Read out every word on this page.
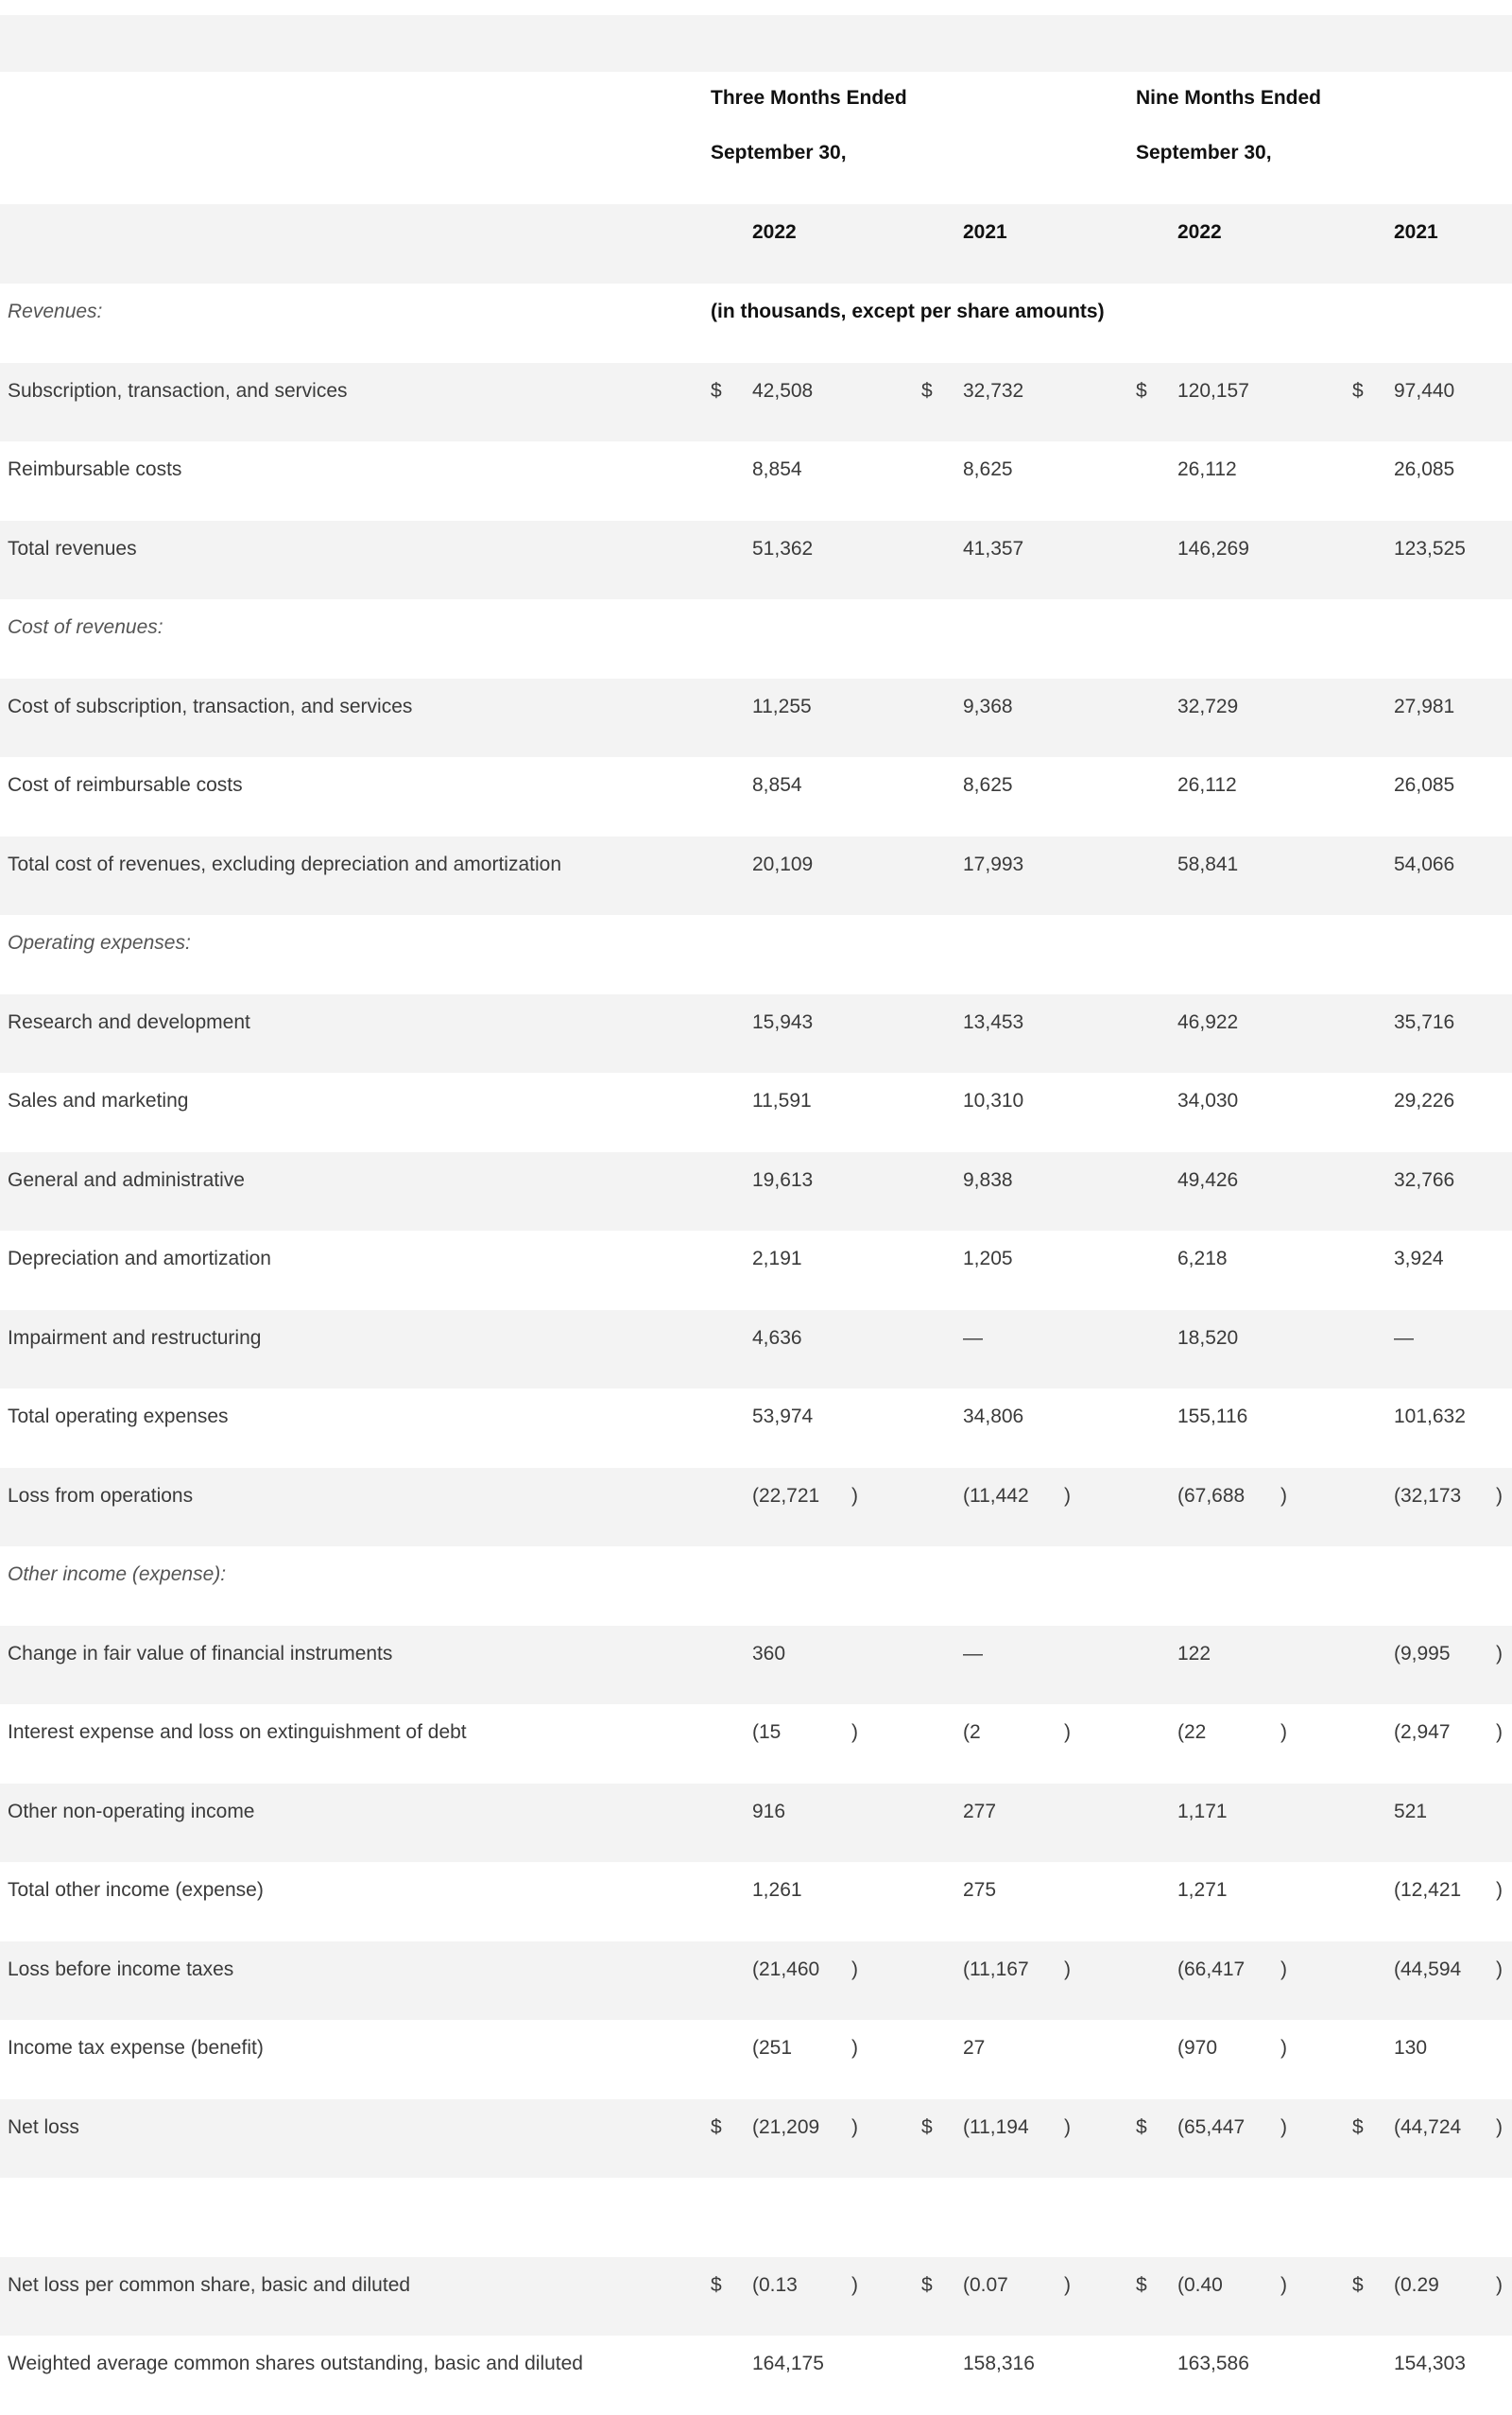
Three Months Ended
September 30,
Nine Months Ended
September 30,
2022	2021	2022	2021
Revenues:	(in thousands, except per share amounts)
Subscription, transaction, and services	$ 42,508	$ 32,732	$ 120,157	$ 97,440
Reimbursable costs	8,854	8,625	26,112	26,085
Total revenues	51,362	41,357	146,269	123,525
Cost of revenues:
Cost of subscription, transaction, and services	11,255	9,368	32,729	27,981
Cost of reimbursable costs	8,854	8,625	26,112	26,085
Total cost of revenues, excluding depreciation and amortization	20,109	17,993	58,841	54,066
Operating expenses:
Research and development	15,943	13,453	46,922	35,716
Sales and marketing	11,591	10,310	34,030	29,226
General and administrative	19,613	9,838	49,426	32,766
Depreciation and amortization	2,191	1,205	6,218	3,924
Impairment and restructuring	4,636	—	18,520	—
Total operating expenses	53,974	34,806	155,116	101,632
Loss from operations	(22,721 )	(11,442 )	(67,688 )	(32,173 )
Other income (expense):
Change in fair value of financial instruments	360	—	122	(9,995 )
Interest expense and loss on extinguishment of debt	(15	)	(2	)	(22	)	(2,947 )
Other non-operating income	916	277	1,171	521
Total other income (expense)	1,261	275	1,271	(12,421 )
Loss before income taxes	(21,460 )	(11,167 )	(66,417 )	(44,594 )
Income tax expense (benefit)	(251	)	27	(970	)	130
Net loss	$ (21,209 )	$ (11,194 )	$ (65,447 )	$ (44,724 )
Net loss per common share, basic and diluted	$ (0.13	)	$ (0.07	)	$ (0.40	)	$ (0.29	)
Weighted average common shares outstanding, basic and diluted	164,175	158,316	163,586	154,303
